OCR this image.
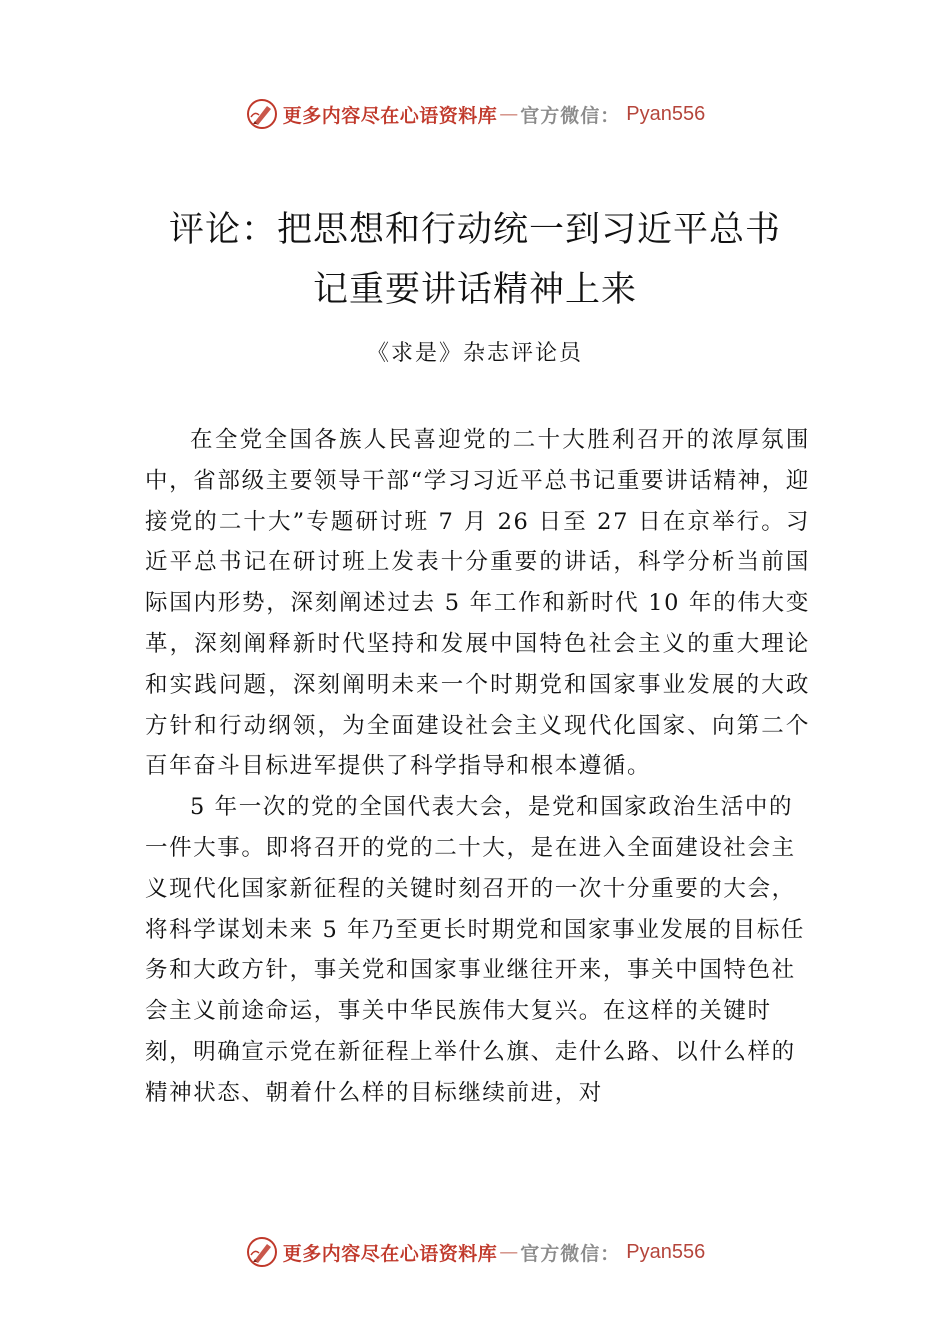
更多内容尽在心语资料库 — 官方微信： Pyan556
评论：把思想和行动统一到习近平总书
记重要讲话精神上来
《求是》杂志评论员

在全党全国各族人民喜迎党的二十大胜利召开的浓厚氛围中，省部级主要领导干部“学习习近平总书记重要讲话精神，迎接党的二十大”专题研讨班 7 月 26 日至 27 日在京举行。习近平总书记在研讨班上发表十分重要的讲话，科学分析当前国际国内形势，深刻阐述过去 5 年工作和新时代 10 年的伟大变革，深刻阐释新时代坚持和发展中国特色社会主义的重大理论和实践问题，深刻阐明未来一个时期党和国家事业发展的大政方针和行动纲领，为全面建设社会主义现代化国家、向第二个百年奋斗目标进军提供了科学指导和根本遵循。

5 年一次的党的全国代表大会，是党和国家政治生活中的一件大事。即将召开的党的二十大，是在进入全面建设社会主义现代化国家新征程的关键时刻召开的一次十分重要的大会，将科学谋划未来 5 年乃至更长时期党和国家事业发展的目标任务和大政方针，事关党和国家事业继往开来，事关中国特色社会主义前途命运，事关中华民族伟大复兴。在这样的关键时刻，明确宣示党在新征程上举什么旗、走什么路、以什么样的精神状态、朝着什么样的目标继续前进，对

更多内容尽在心语资料库 — 官方微信： Pyan556
